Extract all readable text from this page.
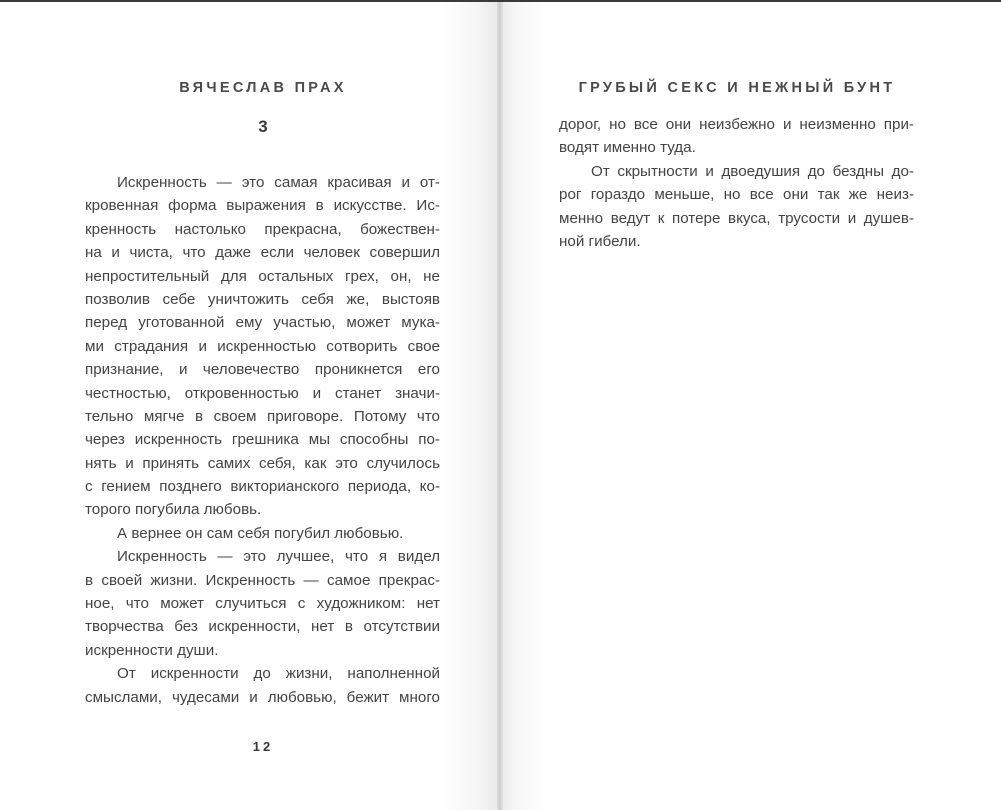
ВЯЧЕСЛАВ ПРАХ
3
Искренность — это самая красивая и от-
кровенная форма выражения в искусстве. Ис-
кренность настолько прекрасна, божествен-
на и чиста, что даже если человек совершил
непростительный для остальных грех, он, не
позволив себе уничтожить себя же, выстояв
перед уготованной ему участью, может мука-
ми страдания и искренностью сотворить свое
признание, и человечество проникнется его
честностью, откровенностью и станет значи-
тельно мягче в своем приговоре. Потому что
через искренность грешника мы способны по-
нять и принять самих себя, как это случилось
с гением позднего викторианского периода, ко-
торого погубила любовь.
А вернее он сам себя погубил любовью.
Искренность — это лучшее, что я видел
в своей жизни. Искренность — самое прекрас-
ное, что может случиться с художником: нет
творчества без искренности, нет в отсутствии
искренности души.
От искренности до жизни, наполненной
смыслами, чудесами и любовью, бежит много
12
ГРУБЫЙ СЕКС И НЕЖНЫЙ БУНТ
дорог, но все они неизбежно и неизменно при-
водят именно туда.
От скрытности и двоедушия до бездны до-
рог гораздо меньше, но все они так же неиз-
менно ведут к потере вкуса, трусости и душев-
ной гибели.
